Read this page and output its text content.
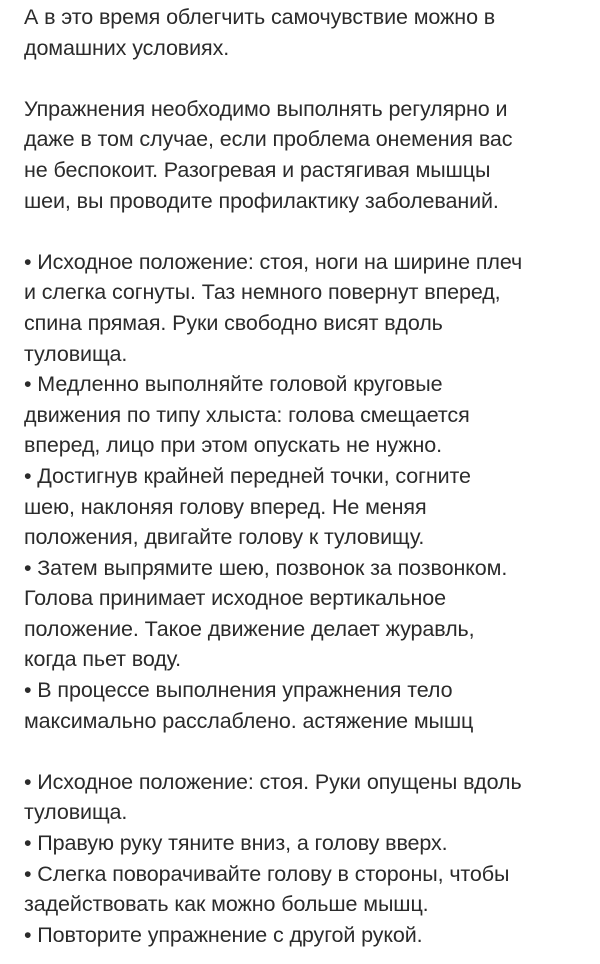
А в это время облегчить самочувствие можно в
домашних условиях.
Упражнения необходимо выполнять регулярно и
даже в том случае, если проблема онемения вас
не беспокоит. Разогревая и растягивая мышцы
шеи, вы проводите профилактику заболеваний.
• Исходное положение: стоя, ноги на ширине плеч
и слегка согнуты. Таз немного повернут вперед,
спина прямая. Руки свободно висят вдоль
туловища.
• Медленно выполняйте головой круговые
движения по типу хлыста: голова смещается
вперед, лицо при этом опускать не нужно.
• Достигнув крайней передней точки, согните
шею, наклоняя голову вперед. Не меняя
положения, двигайте голову к туловищу.
• Затем выпрямите шею, позвонок за позвонком.
Голова принимает исходное вертикальное
положение. Такое движение делает журавль,
когда пьет воду.
• В процессе выполнения упражнения тело
максимально расслаблено. астяжение мышц
• Исходное положение: стоя. Руки опущены вдоль
туловища.
• Правую руку тяните вниз, а голову вверх.
• Слегка поворачивайте голову в стороны, чтобы
задействовать как можно больше мышц.
• Повторите упражнение с другой рукой.
